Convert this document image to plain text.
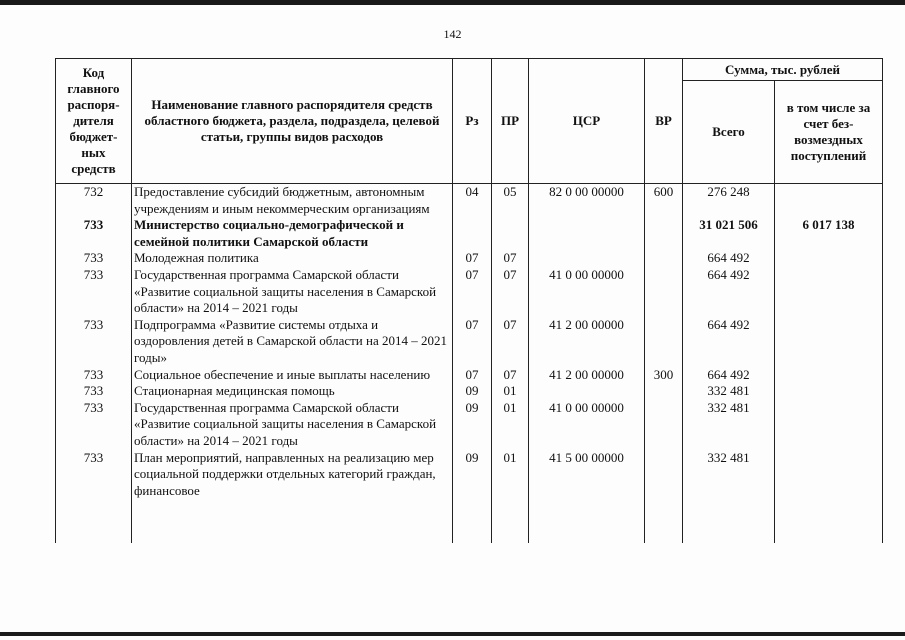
142
Код главного распоря-дителя бюджет-ных средств	Наименование главного распорядителя средств областного бюджета, раздела, подраздела, целевой статьи, группы видов расходов	Рз	ПР	ЦСР	ВР	Сумма, тыс. рублей	
						Всего	в том числе за счет без-возмездных поступлений
732	Предоставление субсидий бюджетным, автономным учреждениям и иным некоммерческим организациям	04	05	82 0 00 00000	600	276 248	
733	Министерство социально-демографической и семейной политики Самарской области					31 021 506	6 017 138
733	Молодежная политика	07	07			664 492	
733	Государственная программа Самарской области «Развитие социальной защиты населения в Самарской области» на 2014 – 2021 годы	07	07	41 0 00 00000		664 492	
733	Подпрограмма «Развитие системы отдыха и оздоровления детей в Самарской области на 2014 – 2021 годы»	07	07	41 2 00 00000		664 492	
733	Социальное обеспечение и иные выплаты населению	07	07	41 2 00 00000	300	664 492	
733	Стационарная медицинская помощь	09	01			332 481	
733	Государственная программа Самарской области «Развитие социальной защиты населения в Самарской области» на 2014 – 2021 годы	09	01	41 0 00 00000		332 481	
733	План мероприятий, направленных на реализацию мер социальной поддержки отдельных категорий граждан, финансовое	09	01	41 5 00 00000		332 481	
